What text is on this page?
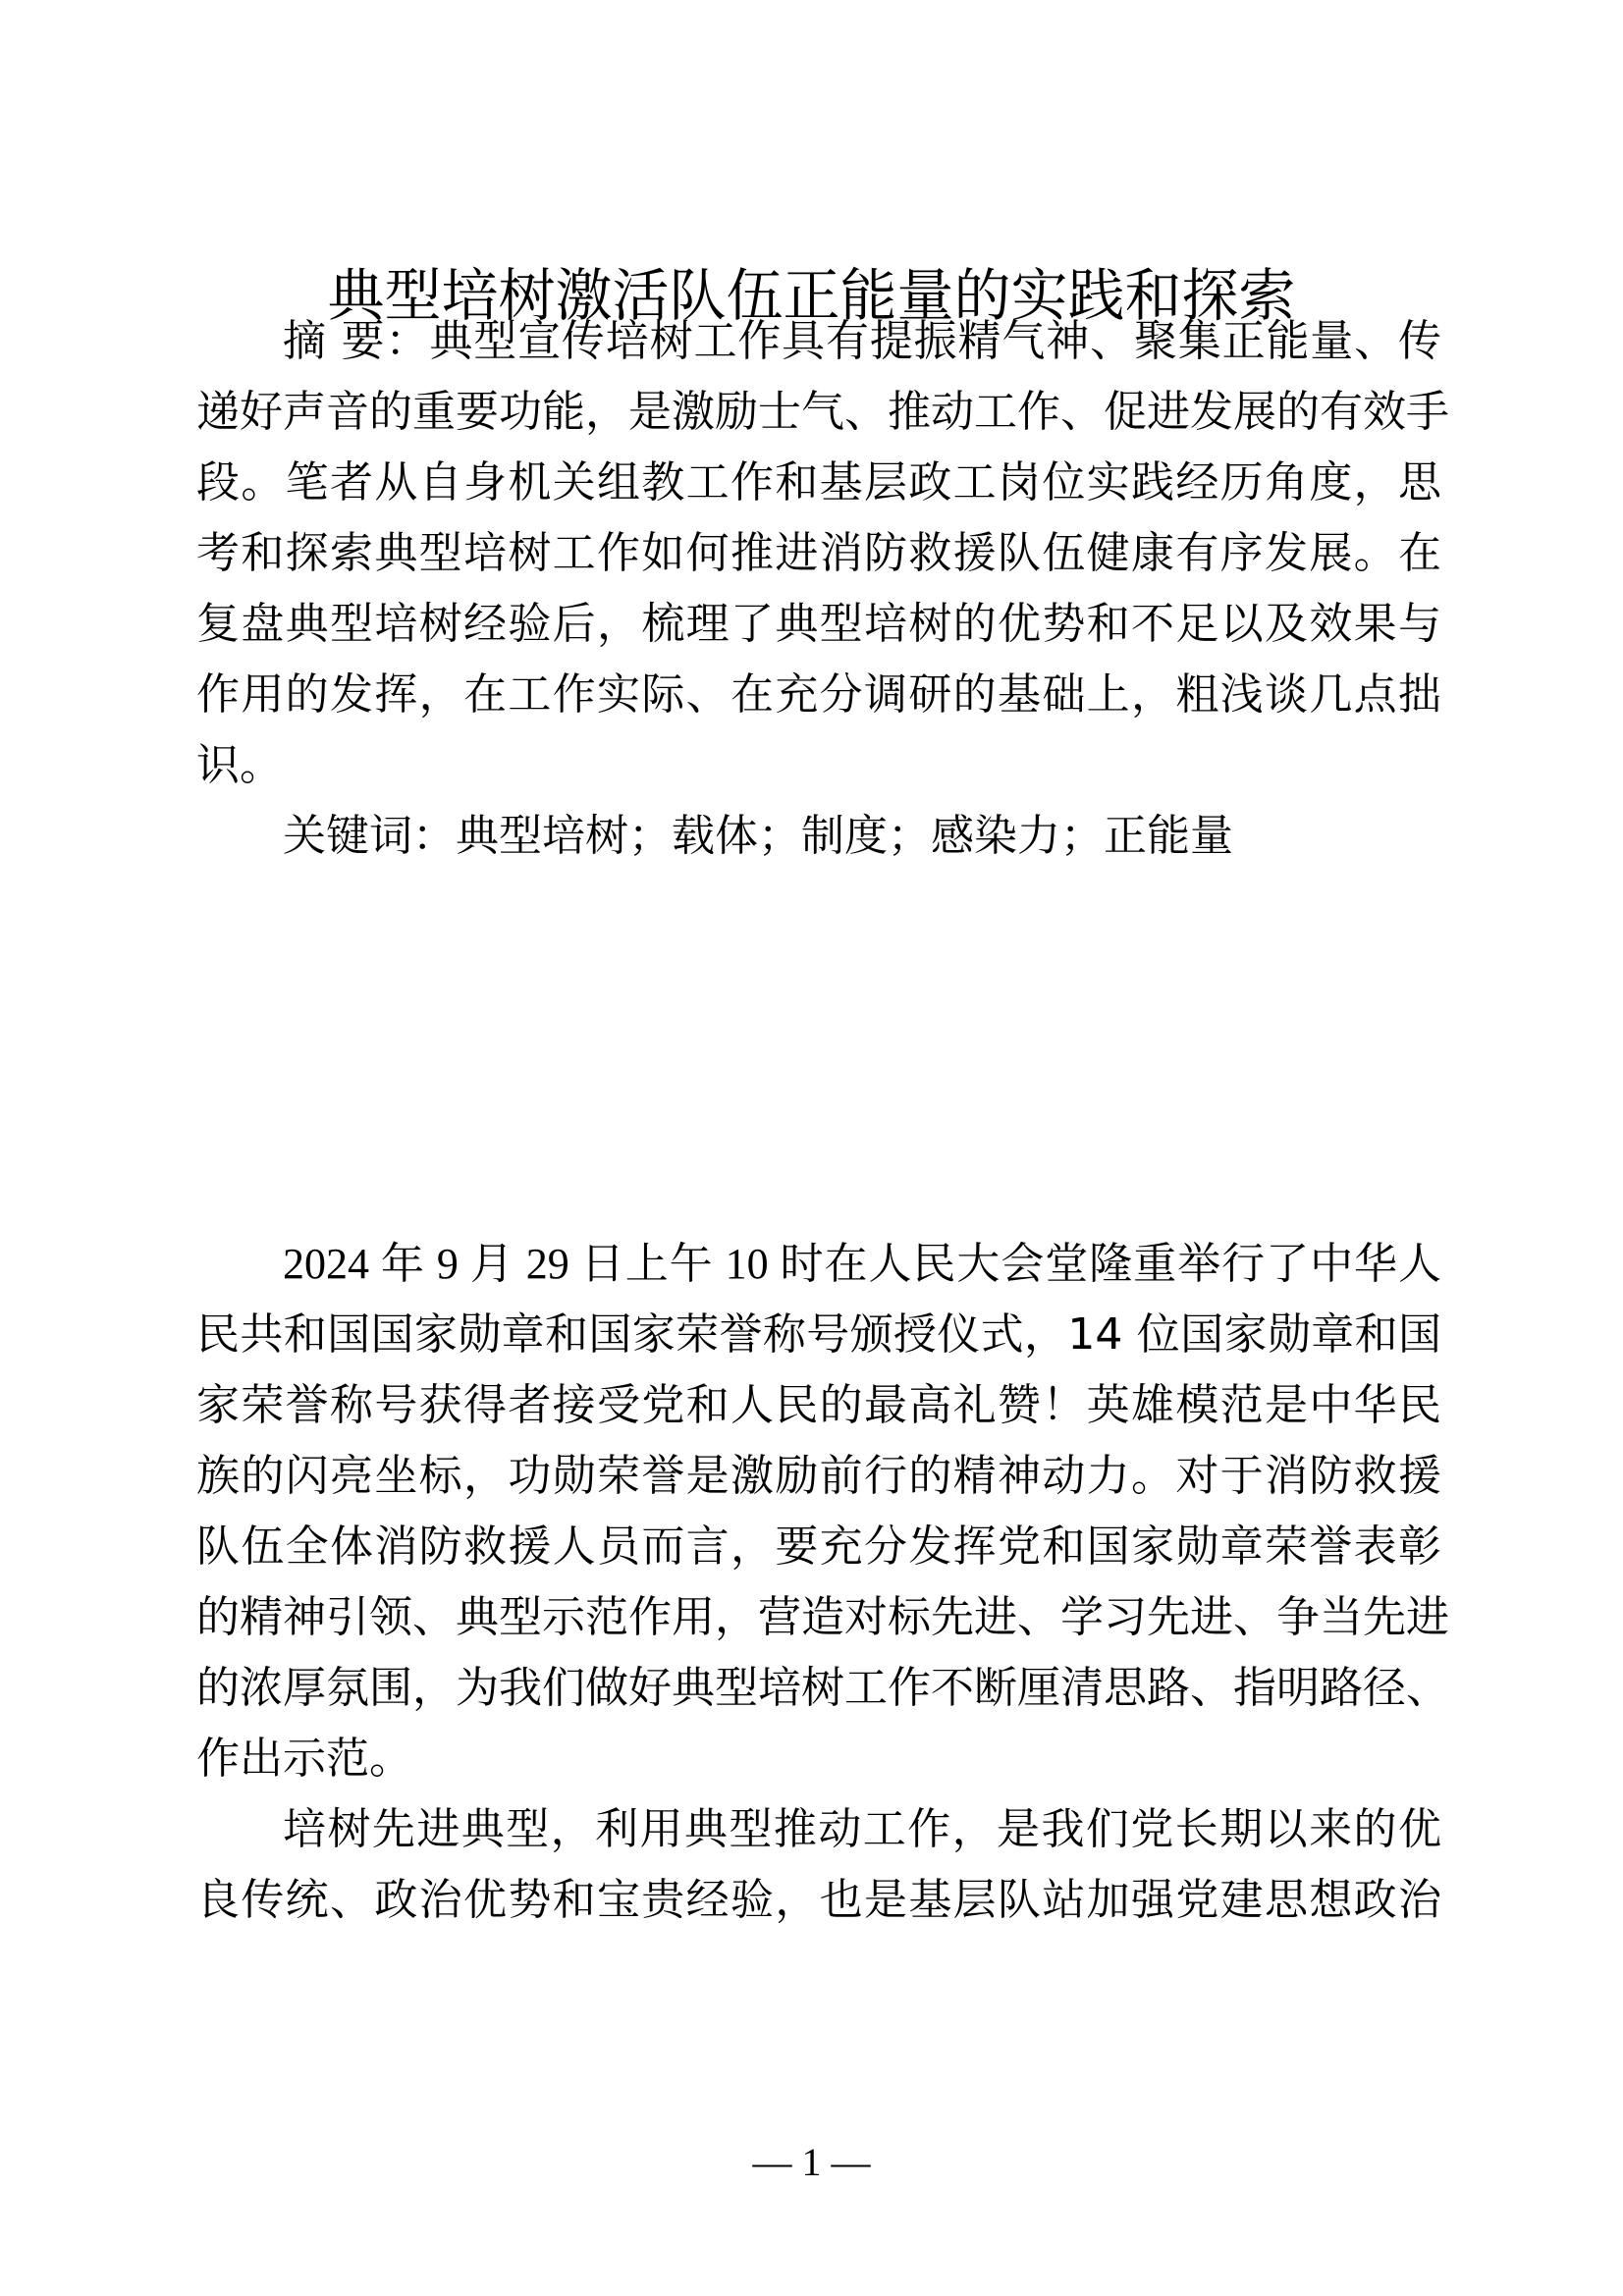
典型培树激活队伍正能量的实践和探索
摘 要：典型宣传培树工作具有提振精气神、聚集正能量、传
递好声音的重要功能，是激励士气、推动工作、促进发展的有效手
段。笔者从自身机关组教工作和基层政工岗位实践经历角度，思
考和探索典型培树工作如何推进消防救援队伍健康有序发展。在
复盘典型培树经验后，梳理了典型培树的优势和不足以及效果与
作用的发挥，在工作实际、在充分调研的基础上，粗浅谈几点拙
识。
关键词：典型培树；载体；制度；感染力；正能量
2024 年 9 月 29 日上午 10 时在人民大会堂隆重举行了中华人
民共和国国家勋章和国家荣誉称号颁授仪式，14 位国家勋章和国
家荣誉称号获得者接受党和人民的最高礼赞！英雄模范是中华民
族的闪亮坐标，功勋荣誉是激励前行的精神动力。对于消防救援
队伍全体消防救援人员而言，要充分发挥党和国家勋章荣誉表彰
的精神引领、典型示范作用，营造对标先进、学习先进、争当先进
的浓厚氛围，为我们做好典型培树工作不断厘清思路、指明路径、
作出示范。
培树先进典型，利用典型推动工作，是我们党长期以来的优
良传统、政治优势和宝贵经验，也是基层队站加强党建思想政治
— 1 —
